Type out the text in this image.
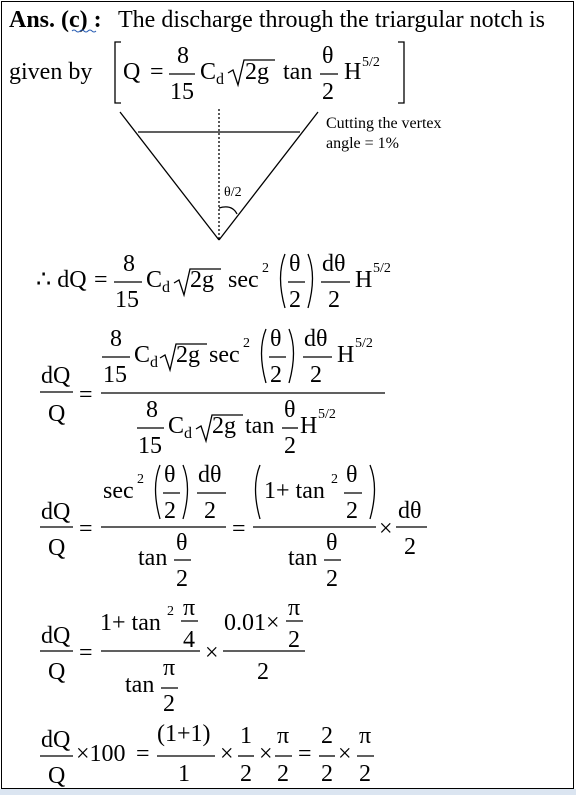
Ans. (c) : The discharge through the triargular notch is
given by Q =
8
15
C d 2g tan
θ
2
H 5/2
Cutting the vertex
angle = 1%
θ/2
∴ dQ =
8
15
C d 2g sec 2 θ
2
dθ
2
H 5/2
dQ
Q
=
8
15
C d 2g sec 2 θ
2
dθ
2
H 5/2
8
15
C d 2g tan
θ
2
H 5/2
dQ
Q
=
sec 2 θ
2
dθ
2
tan
θ
2
=
1+ tan 2 θ
2
tan
θ
2
×
dθ
2
dQ
Q
=
1+ tan 2 π
4
tan
π
2
×
0.01×
π
2
2
dQ
Q
×100 =
(1+1)
1
×
1
2
×
π
2
=
2
2
×
π
2
